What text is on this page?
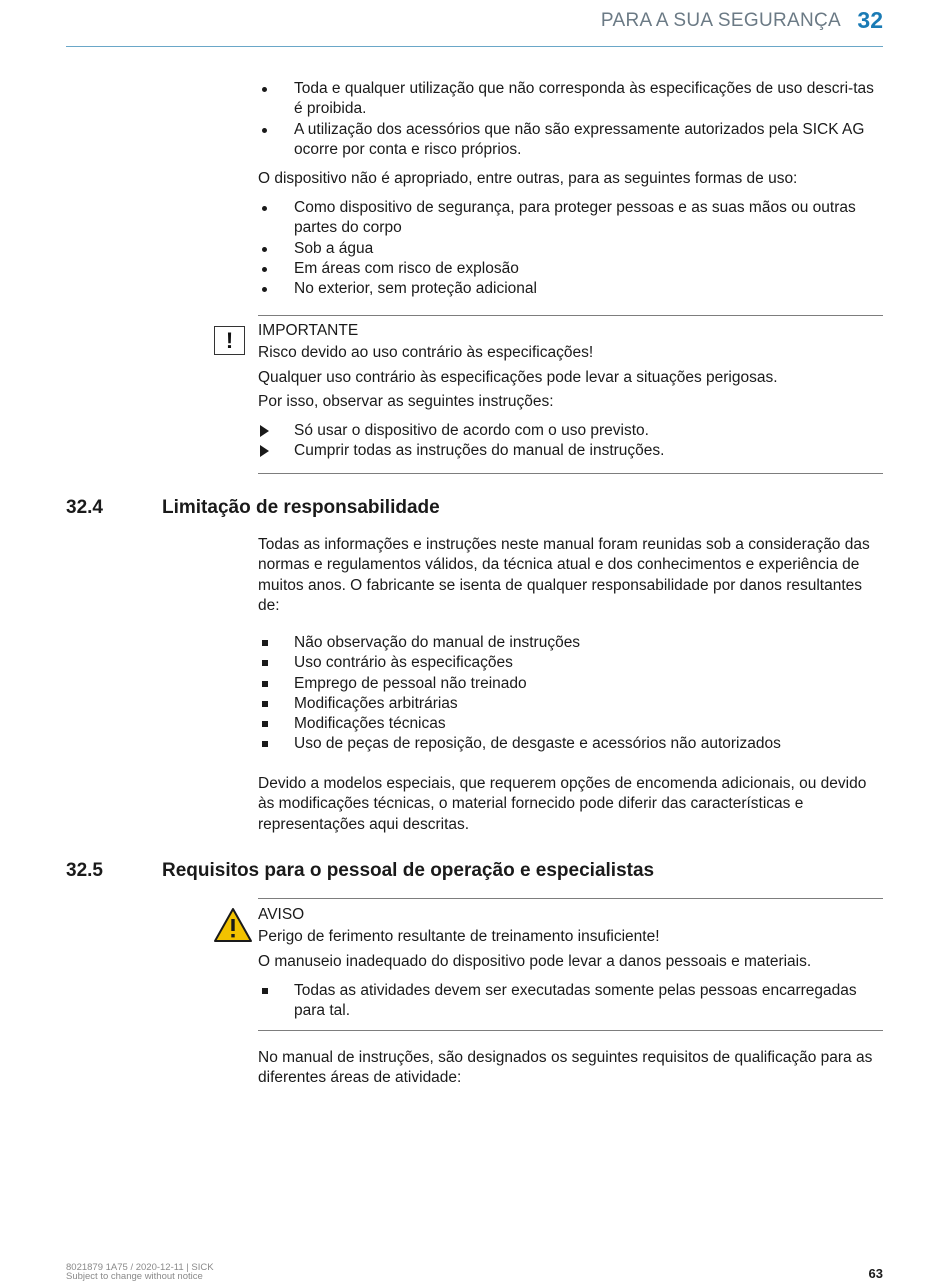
PARA A SUA SEGURANÇA 32
Toda e qualquer utilização que não corresponda às especificações de uso descri-tas é proibida.
A utilização dos acessórios que não são expressamente autorizados pela SICK AG ocorre por conta e risco próprios.
O dispositivo não é apropriado, entre outras, para as seguintes formas de uso:
Como dispositivo de segurança, para proteger pessoas e as suas mãos ou outras partes do corpo
Sob a água
Em áreas com risco de explosão
No exterior, sem proteção adicional
!	IMPORTANTE
Risco devido ao uso contrário às especificações!
Qualquer uso contrário às especificações pode levar a situações perigosas.
Por isso, observar as seguintes instruções:
Só usar o dispositivo de acordo com o uso previsto.
Cumprir todas as instruções do manual de instruções.
32.4	Limitação de responsabilidade
Todas as informações e instruções neste manual foram reunidas sob a consideração das normas e regulamentos válidos, da técnica atual e dos conhecimentos e experiência de muitos anos. O fabricante se isenta de qualquer responsabilidade por danos resultantes de:
Não observação do manual de instruções
Uso contrário às especificações
Emprego de pessoal não treinado
Modificações arbitrárias
Modificações técnicas
Uso de peças de reposição, de desgaste e acessórios não autorizados
Devido a modelos especiais, que requerem opções de encomenda adicionais, ou devido às modificações técnicas, o material fornecido pode diferir das características e representações aqui descritas.
32.5	Requisitos para o pessoal de operação e especialistas
AVISO
Perigo de ferimento resultante de treinamento insuficiente!
O manuseio inadequado do dispositivo pode levar a danos pessoais e materiais.
Todas as atividades devem ser executadas somente pelas pessoas encarregadas para tal.
No manual de instruções, são designados os seguintes requisitos de qualificação para as diferentes áreas de atividade:
8021879 1A75 / 2020-12-11 | SICK
Subject to change without notice	63
